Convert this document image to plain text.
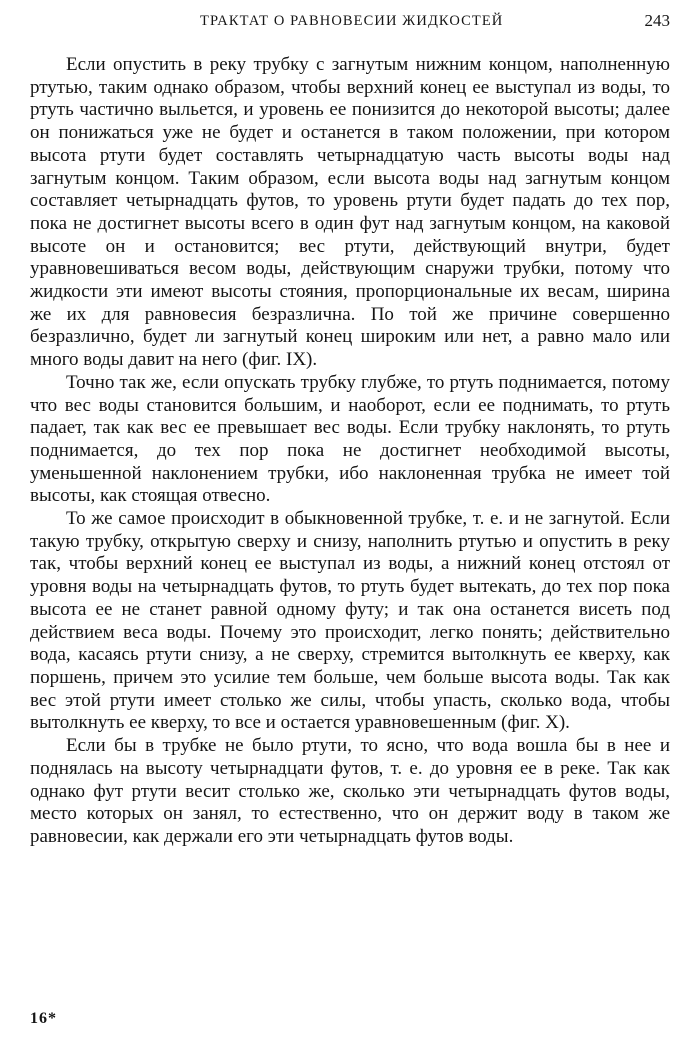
ТРАКТАТ О РАВНОВЕСИИ ЖИДКОСТЕЙ	243

Если опустить в реку трубку с загнутым нижним концом, наполненную ртутью, таким однако образом, чтобы верхний конец ее выступал из воды, то ртуть частично выльется, и уровень ее понизится до некоторой высоты; далее он понижаться уже не будет и останется в таком положении, при котором высота ртути будет составлять четырнадцатую часть высоты воды над загнутым концом. Таким образом, если высота воды над загнутым концом составляет четырнадцать футов, то уровень ртути будет падать до тех пор, пока не достигнет высоты всего в один фут над загнутым концом, на каковой высоте он и остановится; вес ртути, действующий внутри, будет уравновешиваться весом воды, действующим снаружи трубки, потому что жидкости эти имеют высоты стояния, пропорциональные их весам, ширина же их для равновесия безразлична. По той же причине совершенно безразлично, будет ли загнутый конец широким или нет, а равно мало или много воды давит на него (фиг. IX).

Точно так же, если опускать трубку глубже, то ртуть поднимается, потому что вес воды становится большим, и наоборот, если ее поднимать, то ртуть падает, так как вес ее превышает вес воды. Если трубку наклонять, то ртуть поднимается, до тех пор пока не достигнет необходимой высоты, уменьшенной наклонением трубки, ибо наклоненная трубка не имеет той высоты, как стоящая отвесно.

То же самое происходит в обыкновенной трубке, т. е. и не загнутой. Если такую трубку, открытую сверху и снизу, наполнить ртутью и опустить в реку так, чтобы верхний конец ее выступал из воды, а нижний конец отстоял от уровня воды на четырнадцать футов, то ртуть будет вытекать, до тех пор пока высота ее не станет равной одному футу; и так она останется висеть под действием веса воды. Почему это происходит, легко понять; действительно вода, касаясь ртути снизу, а не сверху, стремится вытолкнуть ее кверху, как поршень, причем это усилие тем больше, чем больше высота воды. Так как вес этой ртути имеет столько же силы, чтобы упасть, сколько вода, чтобы вытолкнуть ее кверху, то все и остается уравновешенным (фиг. X).

Если бы в трубке не было ртути, то ясно, что вода вошла бы в нее и поднялась на высоту четырнадцати футов, т. е. до уровня ее в реке. Так как однако фут ртути весит столько же, сколько эти четырнадцать футов воды, место которых он занял, то естественно, что он держит воду в таком же равновесии, как держали его эти четырнадцать футов воды.

16*
